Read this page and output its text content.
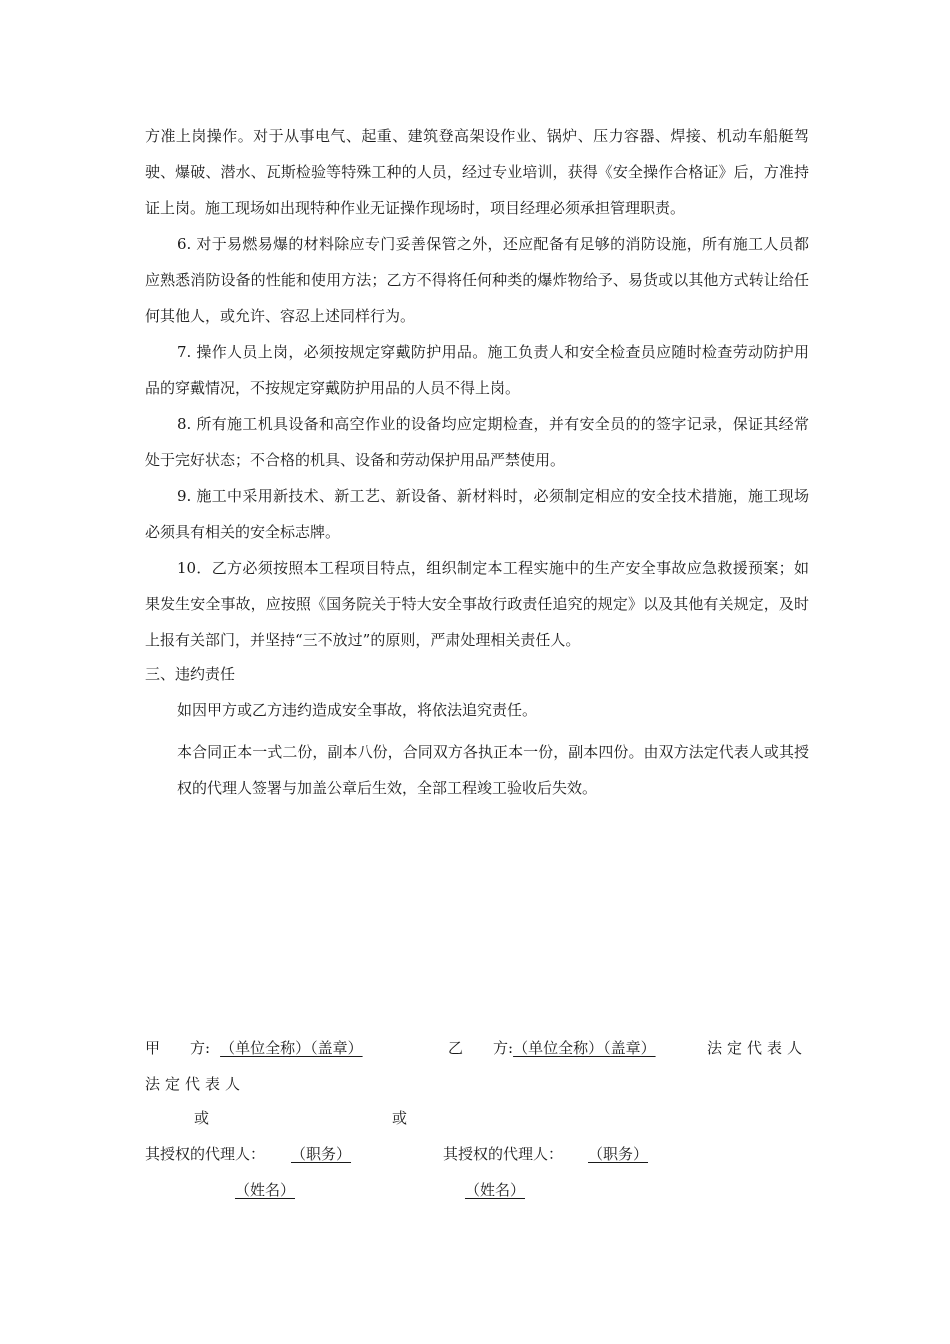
方准上岗操作。对于从事电气、起重、建筑登高架设作业、锅炉、压力容器、焊接、机动车船艇驾驶、爆破、潜水、瓦斯检验等特殊工种的人员，经过专业培训，获得《安全操作合格证》后，方准持证上岗。施工现场如出现特种作业无证操作现场时，项目经理必须承担管理职责。

6. 对于易燃易爆的材料除应专门妥善保管之外，还应配备有足够的消防设施，所有施工人员都应熟悉消防设备的性能和使用方法；乙方不得将任何种类的爆炸物给予、易货或以其他方式转让给任何其他人，或允许、容忍上述同样行为。

7. 操作人员上岗，必须按规定穿戴防护用品。施工负责人和安全检查员应随时检查劳动防护用品的穿戴情况，不按规定穿戴防护用品的人员不得上岗。

8. 所有施工机具设备和高空作业的设备均应定期检查，并有安全员的的签字记录，保证其经常处于完好状态；不合格的机具、设备和劳动保护用品严禁使用。

9. 施工中采用新技术、新工艺、新设备、新材料时，必须制定相应的安全技术措施，施工现场必须具有相关的安全标志牌。

10．乙方必须按照本工程项目特点，组织制定本工程实施中的生产安全事故应急救援预案；如果发生安全事故，应按照《国务院关于特大安全事故行政责任追究的规定》以及其他有关规定，及时上报有关部门，并坚持“三不放过”的原则，严肃处理相关责任人。

三、违约责任

如因甲方或乙方违约造成安全事故，将依法追究责任。

本合同正本一式二份，副本八份，合同双方各执正本一份，副本四份。由双方法定代表人或其授权的代理人签署与加盖公章后生效，全部工程竣工验收后失效。

甲　　方: （单位全称）（盖章）	乙　　方:（单位全称）（盖章）	法定代表人
法定代表人
或	或
其授权的代理人： （职务）	其授权的代理人： （职务）
（姓名）	（姓名）
